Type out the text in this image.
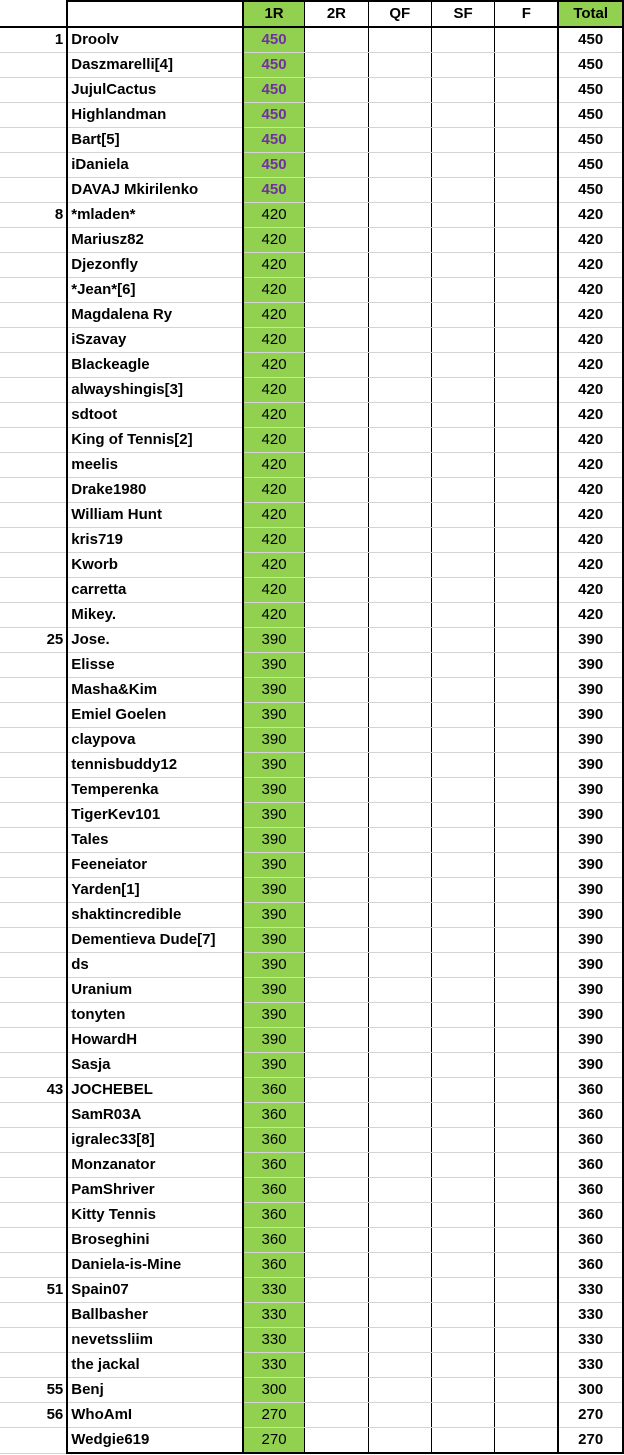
		1R	2R	QF	SF	F	Total
1	Droolv	450					450
	Daszmarelli[4]	450					450
	JujulCactus	450					450
	Highlandman	450					450
	Bart[5]	450					450
	iDaniela	450					450
	DAVAJ Mkirilenko	450					450
8	*mladen*	420					420
	Mariusz82	420					420
	Djezonfly	420					420
	*Jean*[6]	420					420
	Magdalena Ry	420					420
	iSzavay	420					420
	Blackeagle	420					420
	alwayshingis[3]	420					420
	sdtoot	420					420
	King of Tennis[2]	420					420
	meelis	420					420
	Drake1980	420					420
	William Hunt	420					420
	kris719	420					420
	Kworb	420					420
	carretta	420					420
	Mikey.	420					420
25	Jose.	390					390
	Elisse	390					390
	Masha&Kim	390					390
	Emiel Goelen	390					390
	claypova	390					390
	tennisbuddy12	390					390
	Temperenka	390					390
	TigerKev101	390					390
	Tales	390					390
	Feeneiator	390					390
	Yarden[1]	390					390
	shaktincredible	390					390
	Dementieva Dude[7]	390					390
	ds	390					390
	Uranium	390					390
	tonyten	390					390
	HowardH	390					390
	Sasja	390					390
43	JOCHEBEL	360					360
	SamR03A	360					360
	igralec33[8]	360					360
	Monzanator	360					360
	PamShriver	360					360
	Kitty Tennis	360					360
	Broseghini	360					360
	Daniela-is-Mine	360					360
51	Spain07	330					330
	Ballbasher	330					330
	nevetssliim	330					330
	the jackal	330					330
55	Benj	300					300
56	WhoAmI	270					270
	Wedgie619	270					270
